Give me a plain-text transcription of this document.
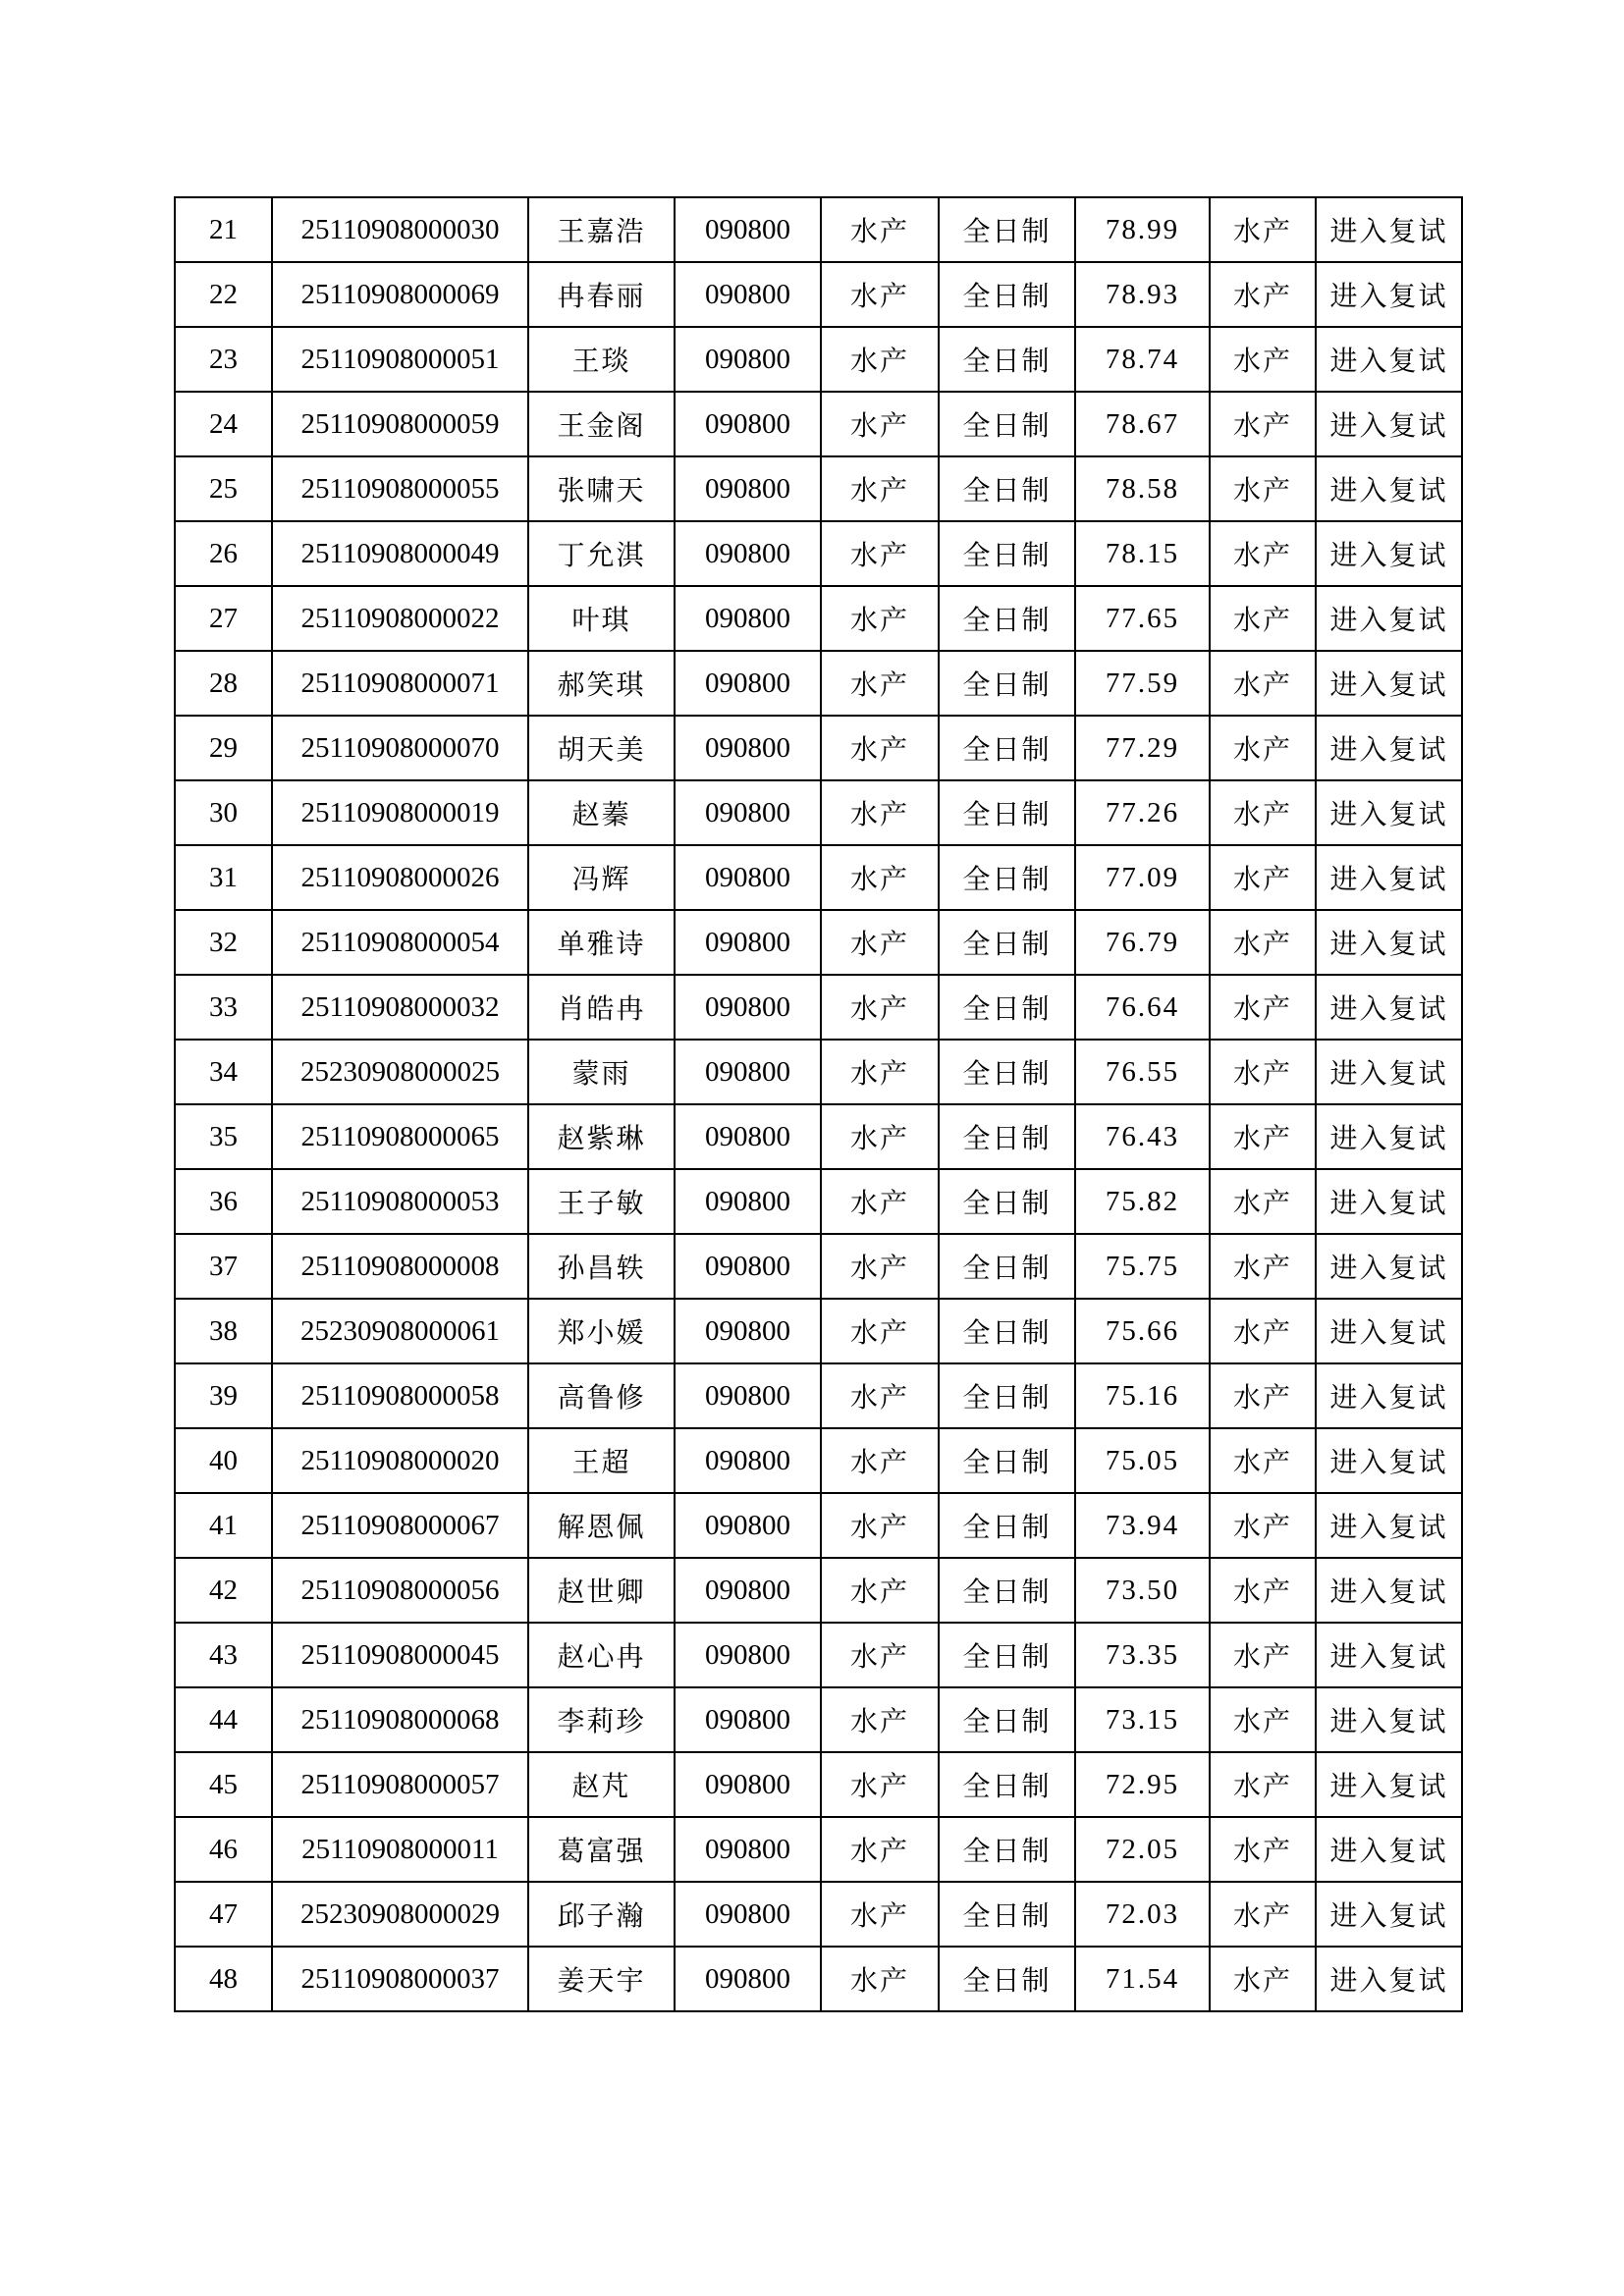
21	25110908000030	王嘉浩	090800	水产	全日制	78.99	水产	进入复试
22	25110908000069	冉春丽	090800	水产	全日制	78.93	水产	进入复试
23	25110908000051	王琰	090800	水产	全日制	78.74	水产	进入复试
24	25110908000059	王金阁	090800	水产	全日制	78.67	水产	进入复试
25	25110908000055	张啸天	090800	水产	全日制	78.58	水产	进入复试
26	25110908000049	丁允淇	090800	水产	全日制	78.15	水产	进入复试
27	25110908000022	叶琪	090800	水产	全日制	77.65	水产	进入复试
28	25110908000071	郝笑琪	090800	水产	全日制	77.59	水产	进入复试
29	25110908000070	胡天美	090800	水产	全日制	77.29	水产	进入复试
30	25110908000019	赵蓁	090800	水产	全日制	77.26	水产	进入复试
31	25110908000026	冯辉	090800	水产	全日制	77.09	水产	进入复试
32	25110908000054	单雅诗	090800	水产	全日制	76.79	水产	进入复试
33	25110908000032	肖皓冉	090800	水产	全日制	76.64	水产	进入复试
34	25230908000025	蒙雨	090800	水产	全日制	76.55	水产	进入复试
35	25110908000065	赵紫琳	090800	水产	全日制	76.43	水产	进入复试
36	25110908000053	王子敏	090800	水产	全日制	75.82	水产	进入复试
37	25110908000008	孙昌轶	090800	水产	全日制	75.75	水产	进入复试
38	25230908000061	郑小媛	090800	水产	全日制	75.66	水产	进入复试
39	25110908000058	高鲁修	090800	水产	全日制	75.16	水产	进入复试
40	25110908000020	王超	090800	水产	全日制	75.05	水产	进入复试
41	25110908000067	解恩佩	090800	水产	全日制	73.94	水产	进入复试
42	25110908000056	赵世卿	090800	水产	全日制	73.50	水产	进入复试
43	25110908000045	赵心冉	090800	水产	全日制	73.35	水产	进入复试
44	25110908000068	李莉珍	090800	水产	全日制	73.15	水产	进入复试
45	25110908000057	赵芃	090800	水产	全日制	72.95	水产	进入复试
46	25110908000011	葛富强	090800	水产	全日制	72.05	水产	进入复试
47	25230908000029	邱子瀚	090800	水产	全日制	72.03	水产	进入复试
48	25110908000037	姜天宇	090800	水产	全日制	71.54	水产	进入复试
